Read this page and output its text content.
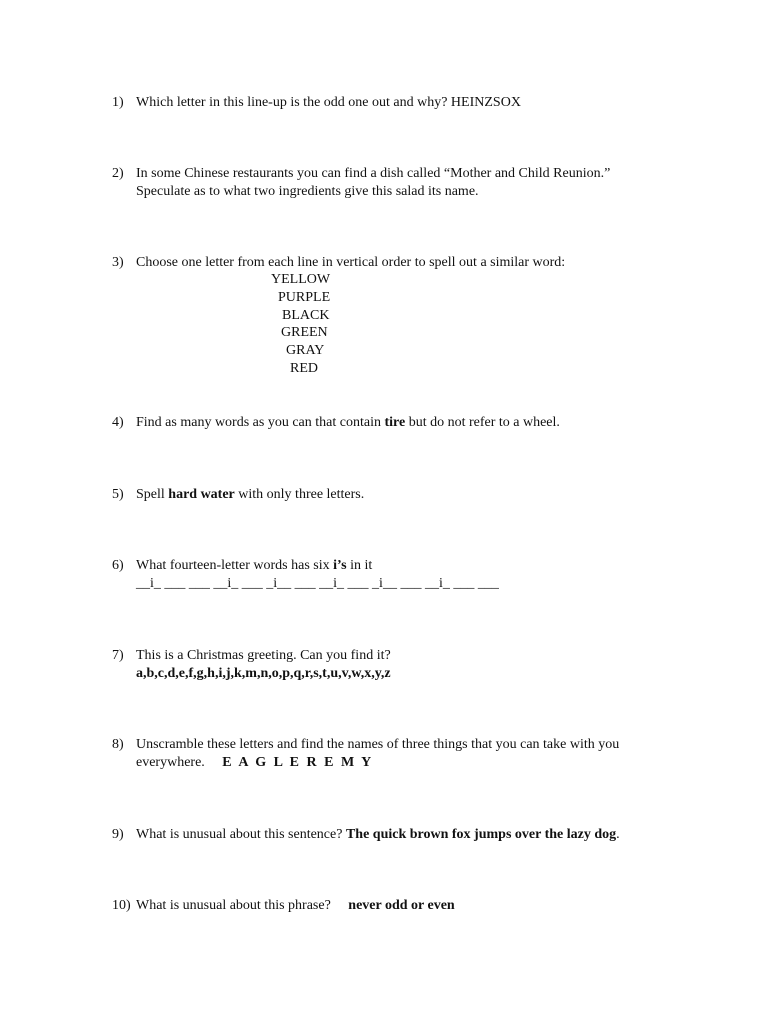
1) Which letter in this line-up is the odd one out and why? HEINZSOX
2) In some Chinese restaurants you can find a dish called “Mother and Child Reunion.”
Speculate as to what two ingredients give this salad its name.
3) Choose one letter from each line in vertical order to spell out a similar word:
YELLOW
PURPLE
BLACK
GREEN
GRAY
RED
4) Find as many words as you can that contain tire but do not refer to a wheel.
5) Spell hard water with only three letters.
6) What fourteen-letter words has six i’s in it
__i_ ___ ___ __i_ ___ _i__ ___ __i_ ___ _i__ ___ __i_ ___ ___
7) This is a Christmas greeting. Can you find it?
a,b,c,d,e,f,g,h,i,j,k,m,n,o,p,q,r,s,t,u,v,w,x,y,z
8) Unscramble these letters and find the names of three things that you can take with you
everywhere. E A G L E R E M Y
9) What is unusual about this sentence? The quick brown fox jumps over the lazy dog.
10) What is unusual about this phrase? never odd or even
